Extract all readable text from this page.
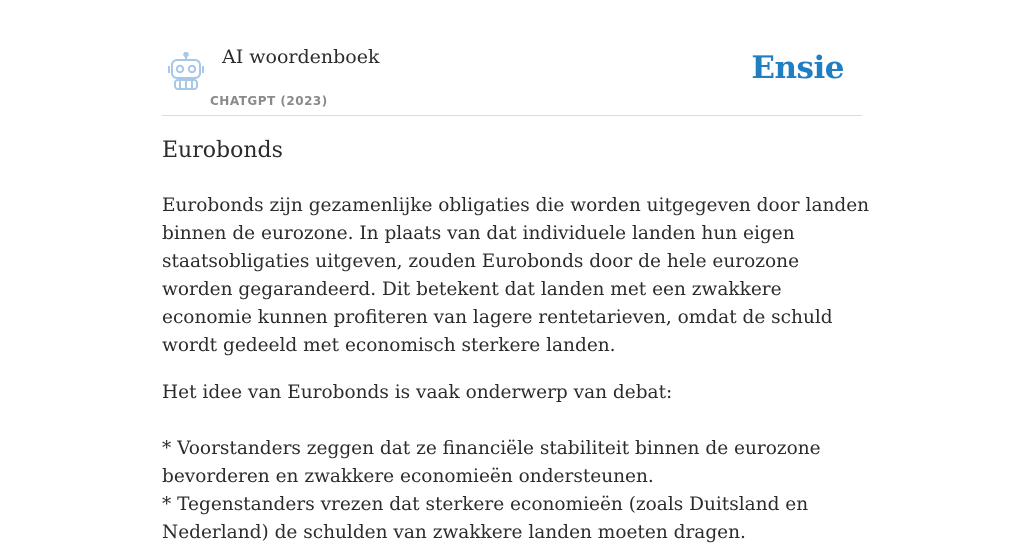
AI woordenboek
CHATGPT (2023)
Ensie
Eurobonds

Eurobonds zijn gezamenlijke obligaties die worden uitgegeven door landen binnen de eurozone. In plaats van dat individuele landen hun eigen staatsobligaties uitgeven, zouden Eurobonds door de hele eurozone worden gegarandeerd. Dit betekent dat landen met een zwakkere economie kunnen profiteren van lagere rentetarieven, omdat de schuld wordt gedeeld met economisch sterkere landen.

Het idee van Eurobonds is vaak onderwerp van debat:

* Voorstanders zeggen dat ze financiële stabiliteit binnen de eurozone bevorderen en zwakkere economieën ondersteunen.

* Tegenstanders vrezen dat sterkere economieën (zoals Duitsland en Nederland) de schulden van zwakkere landen moeten dragen.
